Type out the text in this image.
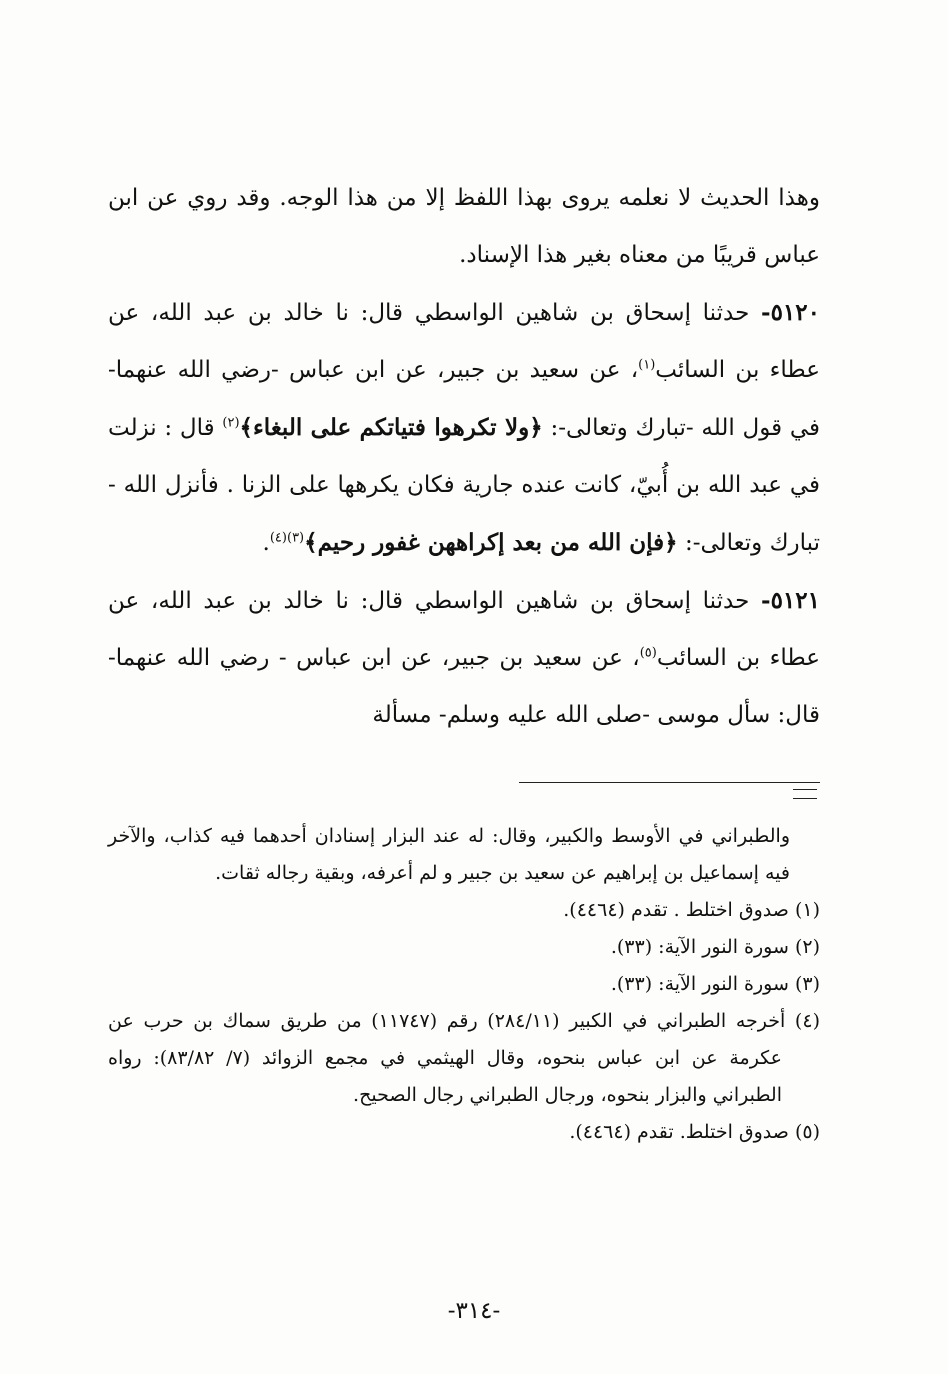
وهذا الحديث لا نعلمه يروى بهذا اللفظ إلا من هذا الوجه. وقد روي عن ابن عباس قريبًا من معناه بغير هذا الإسناد.

٥١٢٠- حدثنا إسحاق بن شاهين الواسطي قال: نا خالد بن عبد الله، عن عطاء بن السائب$^{(١)}$، عن سعيد بن جبير، عن ابن عباس -رضي الله عنهما- في قول الله -تبارك وتعالى-: ﴿ولا تكرهوا فتياتكم على البغاء﴾$^{(٢)}$ قال : نزلت في عبد الله بن أُبيّ، كانت عنده جارية فكان يكرهها على الزنا . فأنزل الله - تبارك وتعالى-: ﴿فإن الله من بعد إكراههن غفور رحيم﴾$^{(٣)(٤)}$.

٥١٢١- حدثنا إسحاق بن شاهين الواسطي قال: نا خالد بن عبد الله، عن عطاء بن السائب$^{(٥)}$، عن سعيد بن جبير، عن ابن عباس - رضي الله عنهما- قال: سأل موسى -صلى الله عليه وسلم- مسألة

والطبراني في الأوسط والكبير، وقال: له عند البزار إسنادان أحدهما فيه كذاب، والآخر فيه إسماعيل بن إبراهيم عن سعيد بن جبير و لم أعرفه، وبقية رجاله ثقات.

(١) صدوق اختلط . تقدم (٤٤٦٤).

(٢) سورة النور الآية: (٣٣).

(٣) سورة النور الآية: (٣٣).

(٤) أخرجه الطبراني في الكبير (٢٨٤/١١) رقم (١١٧٤٧) من طريق سماك بن حرب عن عكرمة عن ابن عباس بنحوه، وقال الهيثمي في مجمع الزوائد (٧/ ٨٣/٨٢): رواه الطبراني والبزار بنحوه، ورجال الطبراني رجال الصحيح.

(٥) صدوق اختلط. تقدم (٤٤٦٤).

-٣١٤-
